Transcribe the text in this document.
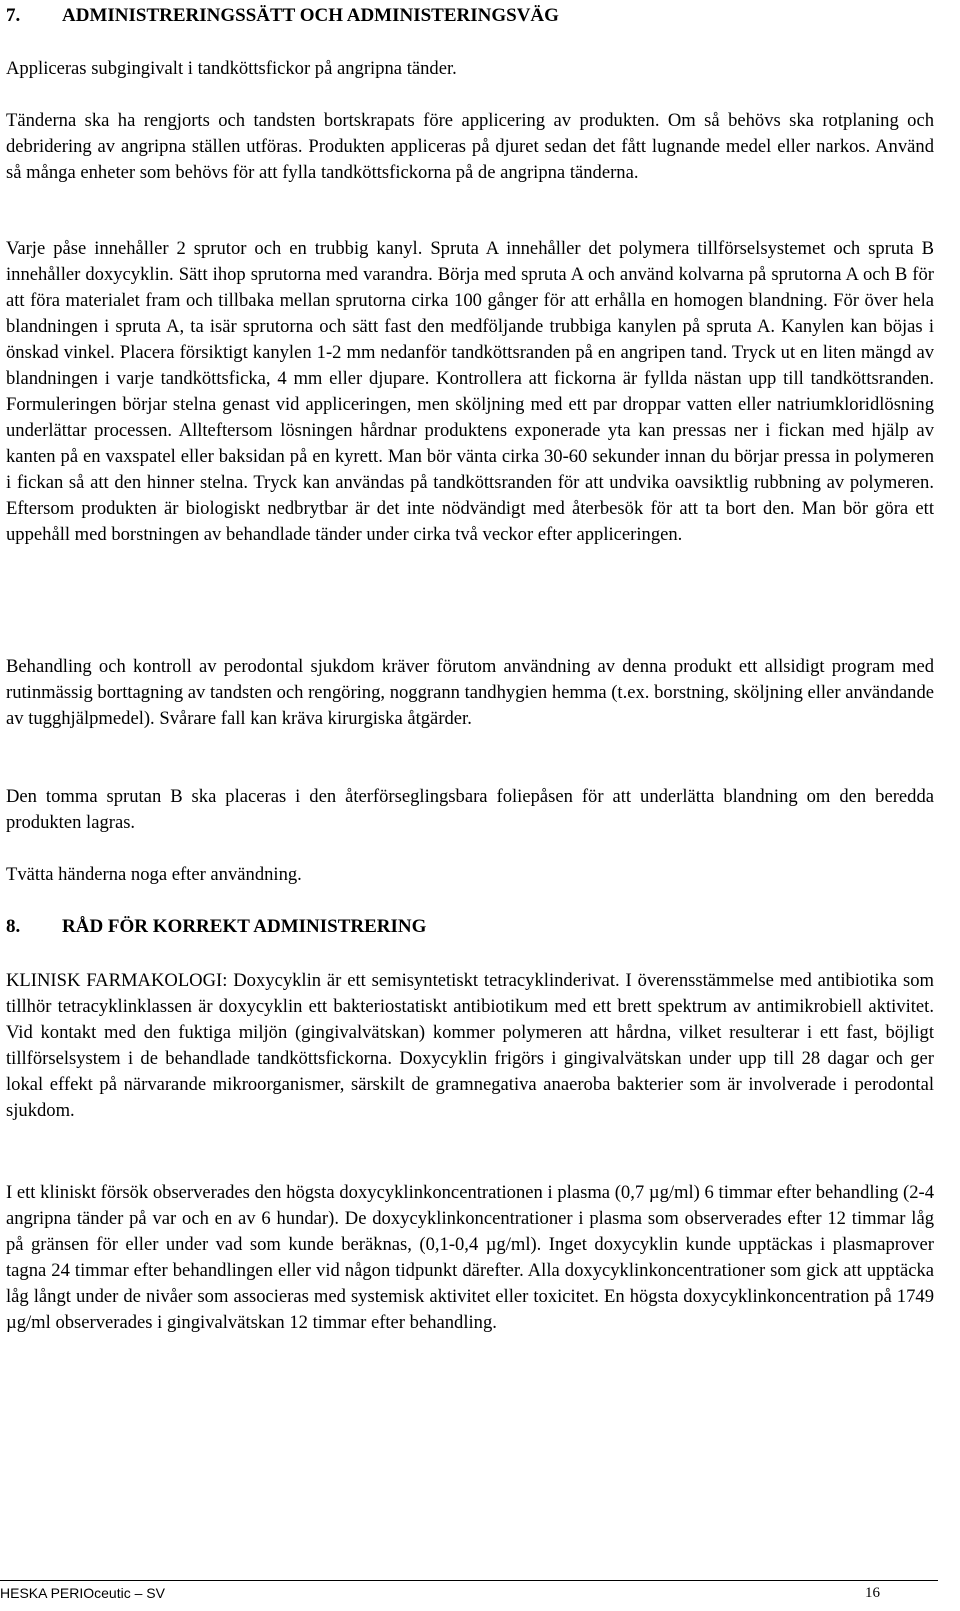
7.	ADMINISTRERINGSSÄTT OCH ADMINISTERINGSVÄG

Appliceras subgingivalt i tandköttsfickor på angripna tänder.

Tänderna ska ha rengjorts och tandsten bortskrapats före applicering av produkten. Om så behövs ska rotplaning och debridering av angripna ställen utföras. Produkten appliceras på djuret sedan det fått lugnande medel eller narkos. Använd så många enheter som behövs för att fylla tandköttsfickorna på de angripna tänderna.

Varje påse innehåller 2 sprutor och en trubbig kanyl. Spruta A innehåller det polymera tillförselsystemet och spruta B innehåller doxycyklin. Sätt ihop sprutorna med varandra. Börja med spruta A och använd kolvarna på sprutorna A och B för att föra materialet fram och tillbaka mellan sprutorna cirka 100 gånger för att erhålla en homogen blandning. För över hela blandningen i spruta A, ta isär sprutorna och sätt fast den medföljande trubbiga kanylen på spruta A. Kanylen kan böjas i önskad vinkel. Placera försiktigt kanylen 1-2 mm nedanför tandköttsranden på en angripen tand. Tryck ut en liten mängd av blandningen i varje tandköttsficka, 4 mm eller djupare. Kontrollera att fickorna är fyllda nästan upp till tandköttsranden. Formuleringen börjar stelna genast vid appliceringen, men sköljning med ett par droppar vatten eller natriumkloridlösning underlättar processen. Allteftersom lösningen hårdnar produktens exponerade yta kan pressas ner i fickan med hjälp av kanten på en vaxspatel eller baksidan på en kyrett. Man bör vänta cirka 30-60 sekunder innan du börjar pressa in polymeren i fickan så att den hinner stelna. Tryck kan användas på tandköttsranden för att undvika oavsiktlig rubbning av polymeren. Eftersom produkten är biologiskt nedbrytbar är det inte nödvändigt med återbesök för att ta bort den. Man bör göra ett uppehåll med borstningen av behandlade tänder under cirka två veckor efter appliceringen.

Behandling och kontroll av perodontal sjukdom kräver förutom användning av denna produkt ett allsidigt program med rutinmässig borttagning av tandsten och rengöring, noggrann tandhygien hemma (t.ex. borstning, sköljning eller användande av tugghjälpmedel). Svårare fall kan kräva kirurgiska åtgärder.

Den tomma sprutan B ska placeras i den återförseglingsbara foliepåsen för att underlätta blandning om den beredda produkten lagras.

Tvätta händerna noga efter användning.

8.	RÅD FÖR KORREKT ADMINISTRERING

KLINISK FARMAKOLOGI: Doxycyklin är ett semisyntetiskt tetracyklinderivat. I överensstämmelse med antibiotika som tillhör tetracyklinklassen är doxycyklin ett bakteriostatiskt antibiotikum med ett brett spektrum av antimikrobiell aktivitet. Vid kontakt med den fuktiga miljön (gingivalvätskan) kommer polymeren att hårdna, vilket resulterar i ett fast, böjligt tillförselsystem i de behandlade tandköttsfickorna. Doxycyklin frigörs i gingivalvätskan under upp till 28 dagar och ger lokal effekt på närvarande mikroorganismer, särskilt de gramnegativa anaeroba bakterier som är involverade i perodontal sjukdom.

I ett kliniskt försök observerades den högsta doxycyklinkoncentrationen i plasma (0,7 µg/ml) 6 timmar efter behandling (2-4 angripna tänder på var och en av 6 hundar). De doxycyklinkoncentrationer i plasma som observerades efter 12 timmar låg på gränsen för eller under vad som kunde beräknas, (0,1-0,4 µg/ml). Inget doxycyklin kunde upptäckas i plasmaprover tagna 24 timmar efter behandlingen eller vid någon tidpunkt därefter. Alla doxycyklinkoncentrationer som gick att upptäcka låg långt under de nivåer som associeras med systemisk aktivitet eller toxicitet. En högsta doxycyklinkoncentration på 1749 µg/ml observerades i gingivalvätskan 12 timmar efter behandling.

HESKA PERIOceutic – SV	16
